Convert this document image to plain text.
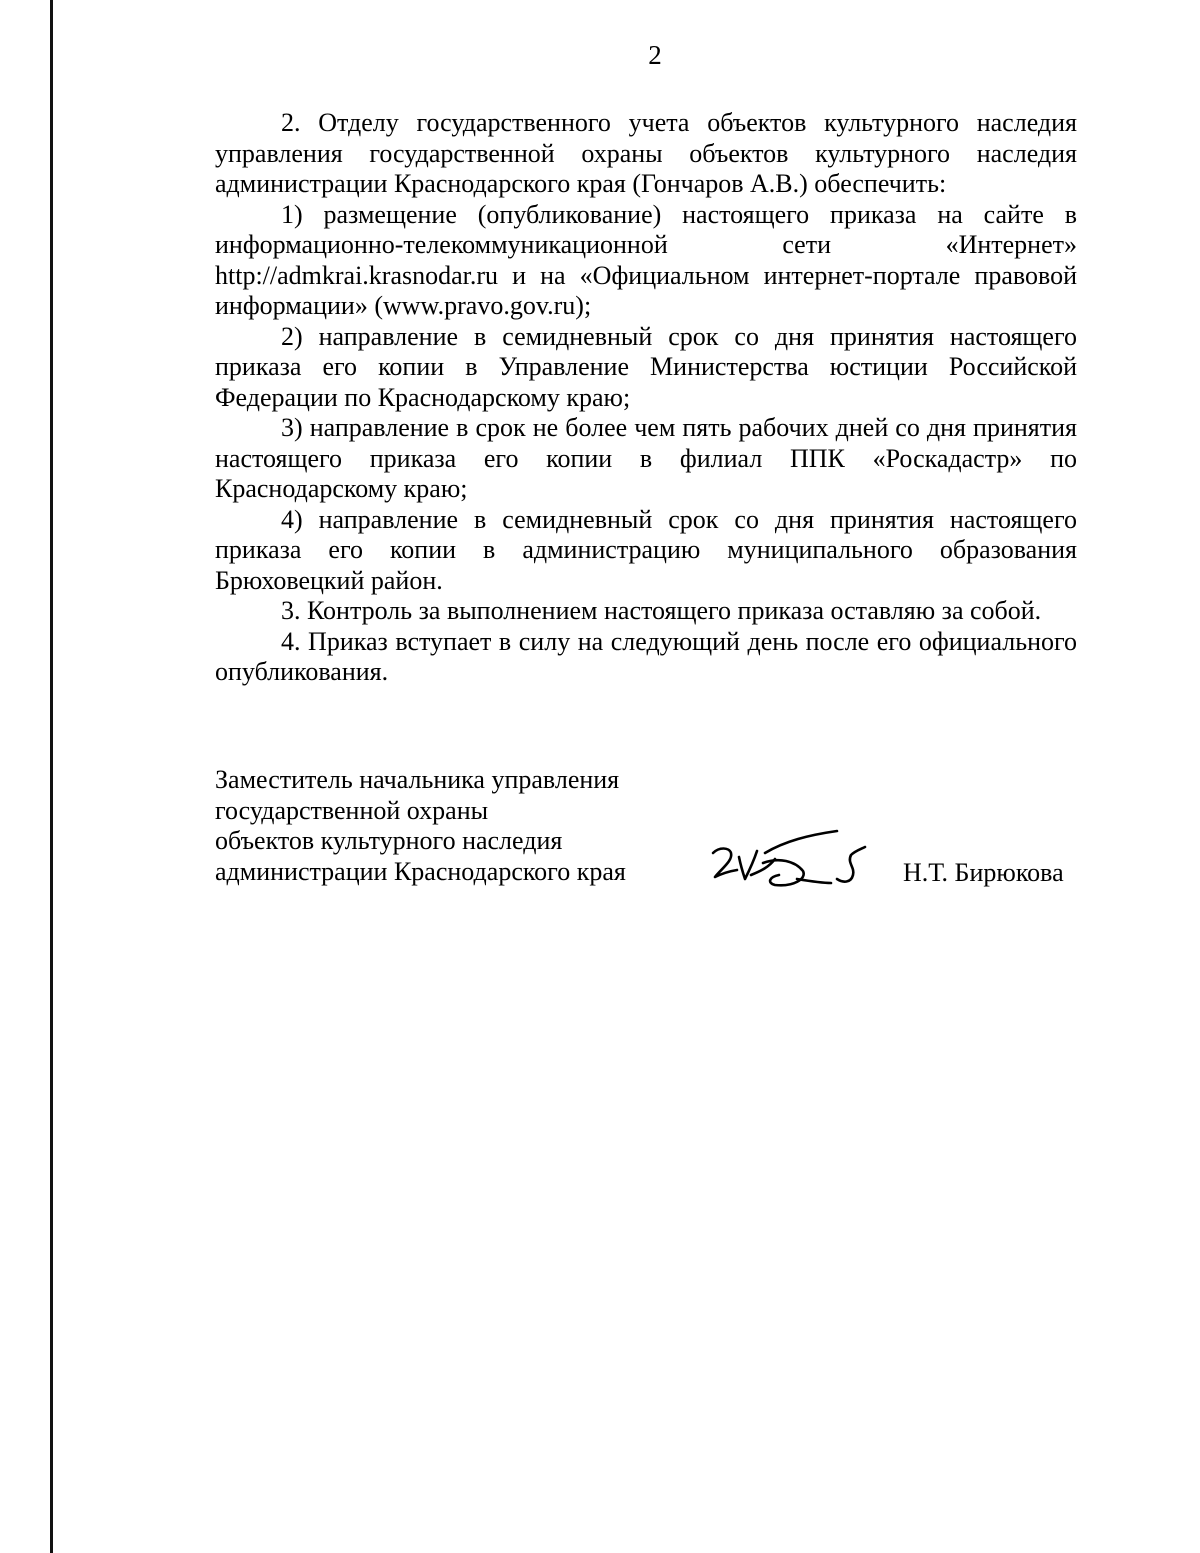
2

2. Отделу государственного учета объектов культурного наследия управления государственной охраны объектов культурного наследия администрации Краснодарского края (Гончаров А.В.) обеспечить:

1) размещение (опубликование) настоящего приказа на сайте в информационно-телекоммуникационной сети «Интернет» http://admkrai.krasnodar.ru и на «Официальном интернет-портале правовой информации» (www.pravo.gov.ru);

2) направление в семидневный срок со дня принятия настоящего приказа его копии в Управление Министерства юстиции Российской Федерации по Краснодарскому краю;

3) направление в срок не более чем пять рабочих дней со дня принятия настоящего приказа его копии в филиал ППК «Роскадастр» по Краснодарскому краю;

4) направление в семидневный срок со дня принятия настоящего приказа его копии в администрацию муниципального образования Брюховецкий район.

3. Контроль за выполнением настоящего приказа оставляю за собой.

4. Приказ вступает в силу на следующий день после его официального опубликования.

Заместитель начальника управления
государственной охраны
объектов культурного наследия
администрации Краснодарского края	Н.Т. Бирюкова
